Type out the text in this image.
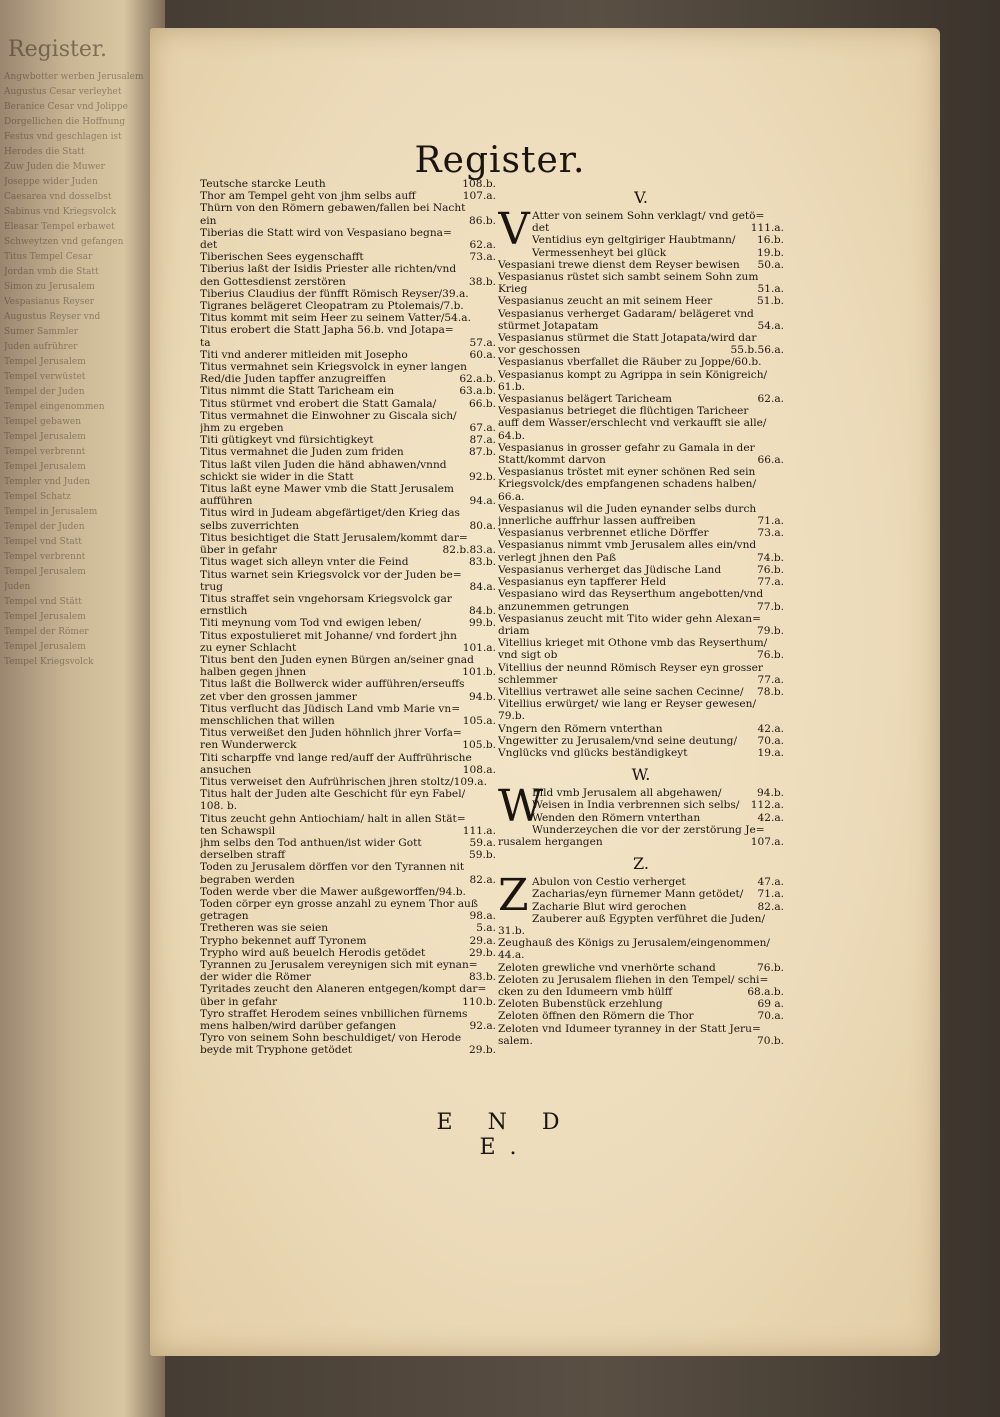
Register.
Angwbotter werben Jerusalem
Augustus Cesar verleyhet
Beranice Cesar vnd Jolippe
Dorgellichen die Hoffnung
Festus vnd geschlagen ist
Herodes die Statt
Zuw Juden die Muwer
Joseppe wider Juden
Caesarea vnd dosselbst
Sabinus vnd Kriegsvolck
Eleasar Tempel erbawet
Schweytzen vnd gefangen
Titus Tempel Cesar
Jordan vmb die Statt
Simon zu Jerusalem
Vespasianus Reyser
Augustus Reyser vnd
Sumer Sammler
Juden aufrührer
Tempel Jerusalem
Tempel verwüstet
Tempel der Juden
Tempel eingenommen
Tempel gebawen
Tempel Jerusalem
Tempel verbrennt
Tempel Jerusalem
Templer vnd Juden
Tempel Schatz
Tempel in Jerusalem
Tempel der Juden
Tempel vnd Statt
Tempel verbrennt
Tempel Jerusalem
Juden
Tempel vnd Stätt
Tempel Jerusalem
Tempel der Römer
Tempel Jerusalem
Tempel Kriegsvolck
Register.
108.b.
Teutsche starcke Leuth
107.a.
Thor am Tempel geht von jhm selbs auff
Thürn von den Römern gebawen/fallen bei Nacht
86.b.
ein
Tiberias die Statt wird von Vespasiano begna=
62.a.
det
73.a.
Tiberischen Sees eygenschafft
Tiberius laßt der Isidis Priester alle richten/vnd
38.b.
den Gottesdienst zerstören
Tiberius Claudius der fünfft Römisch Reyser/39.a.
Tigranes belägeret Cleopatram zu Ptolemais/7.b.
Titus kommt mit seim Heer zu seinem Vatter/54.a.
Titus erobert die Statt Japha 56.b. vnd Jotapa=
57.a.
ta
60.a.
Titi vnd anderer mitleiden mit Josepho
Titus vermahnet sein Kriegsvolck in eyner langen
62.a.b.
Red/die Juden tapffer anzugreiffen
63.a.b.
Titus nimmt die Statt Taricheam ein
66.b.
Titus stürmet vnd erobert die Statt Gamala/
Titus vermahnet die Einwohner zu Giscala sich/
67.a.
jhm zu ergeben
87.a.
Titi gütigkeyt vnd fürsichtigkeyt
87.b.
Titus vermahnet die Juden zum friden
Titus laßt vilen Juden die händ abhawen/vnnd
92.b.
schickt sie wider in die Statt
Titus laßt eyne Mawer vmb die Statt Jerusalem
94.a.
aufführen
Titus wird in Judeam abgefärtiget/den Krieg das
80.a.
selbs zuverrichten
Titus besichtiget die Statt Jerusalem/kommt dar=
82.b.83.a.
über in gefahr
83.b.
Titus waget sich alleyn vnter die Feind
Titus warnet sein Kriegsvolck vor der Juden be=
84.a.
trug
Titus straffet sein vngehorsam Kriegsvolck gar
84.b.
ernstlich
99.b.
Titi meynung vom Tod vnd ewigen leben/
Titus expostulieret mit Johanne/ vnd fordert jhn
101.a.
zu eyner Schlacht
Titus bent den Juden eynen Bürgen an/seiner gnad
101.b.
halben gegen jhnen
Titus laßt die Bollwerck wider aufführen/erseuffs
94.b.
zet vber den grossen jammer
Titus verflucht das Jüdisch Land vmb Marie vn=
105.a.
menschlichen that willen
Titus verweißet den Juden höhnlich jhrer Vorfa=
105.b.
ren Wunderwerck
Titi scharpffe vnd lange red/auff der Auffrührische
108.a.
ansuchen
Titus verweiset den Aufrührischen jhren stoltz/109.a.
Titus halt der Juden alte Geschicht für eyn Fabel/
108. b.
Titus zeucht gehn Antiochiam/ halt in allen Stät=
111.a.
ten Schawspil
59.a.
jhm selbs den Tod anthuen/ist wider Gott
59.b.
derselben straff
Toden zu Jerusalem dörffen vor den Tyrannen nit
82.a.
begraben werden
Toden werde vber die Mawer außgeworffen/94.b.
Toden cörper eyn grosse anzahl zu eynem Thor auß
98.a.
getragen
5.a.
Tretheren was sie seien
29.a.
Trypho bekennet auff Tyronem
29.b.
Trypho wird auß beuelch Herodis getödet
Tyrannen zu Jerusalem vereynigen sich mit eynan=
83.b.
der wider die Römer
Tyritades zeucht den Alaneren entgegen/kompt dar=
110.b.
über in gefahr
Tyro straffet Herodem seines vnbillichen fürnems
92.a.
mens halben/wird darüber gefangen
Tyro von seinem Sohn beschuldiget/ von Herode
29.b.
beyde mit Tryphone getödet
V.
V Atter von seinem Sohn verklagt/ vnd getö=
111.a.
det
16.b.
Ventidius eyn geltgiriger Haubtmann/
19.b.
Vermessenheyt bei glück
50.a.
Vespasiani trewe dienst dem Reyser bewisen
Vespasianus rüstet sich sambt seinem Sohn zum
51.a.
Krieg
51.b.
Vespasianus zeucht an mit seinem Heer
Vespasianus verherget Gadaram/ belägeret vnd
54.a.
stürmet Jotapatam
Vespasianus stürmet die Statt Jotapata/wird dar
55.b.56.a.
vor geschossen
Vespasianus vberfallet die Räuber zu Joppe/60.b.
Vespasianus kompt zu Agrippa in sein Königreich/
61.b.
62.a.
Vespasianus belägert Taricheam
Vespasianus betrieget die flüchtigen Taricheer
auff dem Wasser/erschlecht vnd verkaufft sie alle/
64.b.
Vespasianus in grosser gefahr zu Gamala in der
66.a.
Statt/kommt darvon
Vespasianus tröstet mit eyner schönen Red sein
Kriegsvolck/des empfangenen schadens halben/
66.a.
Vespasianus wil die Juden eynander selbs durch
71.a.
jnnerliche auffrhur lassen auffreiben
73.a.
Vespasianus verbrennet etliche Dörffer
Vespasianus nimmt vmb Jerusalem alles ein/vnd
74.b.
verlegt jhnen den Paß
76.b.
Vespasianus verherget das Jüdische Land
77.a.
Vespasianus eyn tapfferer Held
Vespasiano wird das Reyserthum angebotten/vnd
77.b.
anzunemmen getrungen
Vespasianus zeucht mit Tito wider gehn Alexan=
79.b.
driam
Vitellius krieget mit Othone vmb das Reyserthum/
76.b.
vnd sigt ob
Vitellius der neunnd Römisch Reyser eyn grosser
77.a.
schlemmer
78.b.
Vitellius vertrawet alle seine sachen Cecinne/
Vitellius erwürget/ wie lang er Reyser gewesen/
79.b.
42.a.
Vngern den Römern vnterthan
70.a.
Vngewitter zu Jerusalem/vnd seine deutung/
19.a.
Vnglücks vnd glücks beständigkeyt
W.
W	94.b.
Elld vmb Jerusalem all abgehawen/
112.a.
Weisen in India verbrennen sich selbs/
42.a.
Wenden den Römern vnterthan
Wunderzeychen die vor der zerstörung Je=
107.a.
rusalem hergangen
Z.
Z	47.a.
Abulon von Cestio verherget
71.a.
Zacharias/eyn fürnemer Mann getödet/
82.a.
Zacharie Blut wird gerochen
Zauberer auß Egypten verführet die Juden/
31.b.
Zeughauß des Königs zu Jerusalem/eingenommen/
44.a.
76.b.
Zeloten grewliche vnd vnerhörte schand
Zeloten zu Jerusalem fliehen in den Tempel/ schi=
68.a.b.
cken zu den Idumeern vmb hülff
69 a.
Zeloten Bubenstück erzehlung
70.a.
Zeloten öffnen den Römern die Thor
Zeloten vnd Idumeer tyranney in der Statt Jeru=
70.b.
salem.
E N D E.
